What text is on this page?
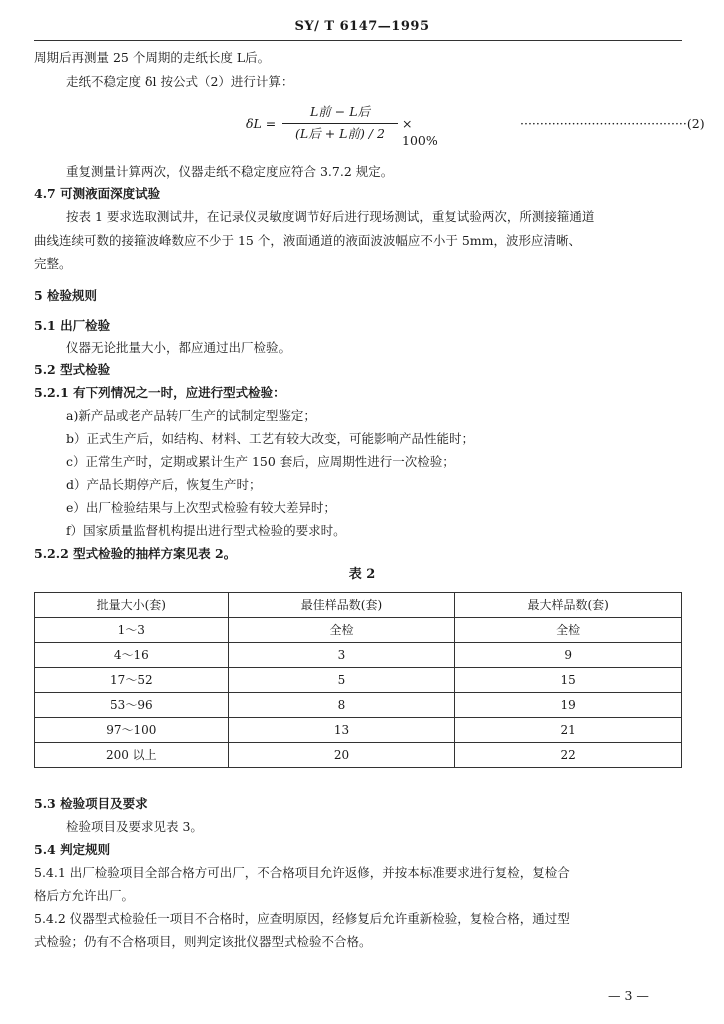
SY/ T 6147—1995
周期后再测量 25 个周期的走纸长度 L后。
走纸不稳定度 δl 按公式（2）进行计算：
δL =
L前 − L后
(L后 + L前) / 2
× 100%
··········································(2)
重复测量计算两次，仪器走纸不稳定度应符合 3.7.2 规定。
4.7 可测液面深度试验
按表 1 要求选取测试井，在记录仪灵敏度调节好后进行现场测试，重复试验两次，所测接箍通道
曲线连续可数的接箍波峰数应不少于 15 个，液面通道的液面波波幅应不小于 5mm，波形应清晰、
完整。
5 检验规则
5.1 出厂检验
仪器无论批量大小，都应通过出厂检验。
5.2 型式检验
5.2.1 有下列情况之一时，应进行型式检验：
a)新产品或老产品转厂生产的试制定型鉴定；
b）正式生产后，如结构、材料、工艺有较大改变，可能影响产品性能时；
c）正常生产时，定期或累计生产 150 套后，应周期性进行一次检验；
d）产品长期停产后，恢复生产时；
e）出厂检验结果与上次型式检验有较大差异时；
f）国家质量监督机构提出进行型式检验的要求时。
5.2.2 型式检验的抽样方案见表 2。
表 2
批量大小(套)	最佳样品数(套)	最大样品数(套)
1～3	全检	全检
4～16	3	9
17～52	5	15
53～96	8	19
97～100	13	21
200 以上	20	22
5.3 检验项目及要求
检验项目及要求见表 3。
5.4 判定规则
5.4.1 出厂检验项目全部合格方可出厂，不合格项目允许返修，并按本标准要求进行复检，复检合
格后方允许出厂。
5.4.2 仪器型式检验任一项目不合格时，应查明原因，经修复后允许重新检验，复检合格，通过型
式检验；仍有不合格项目，则判定该批仪器型式检验不合格。
— 3 —
